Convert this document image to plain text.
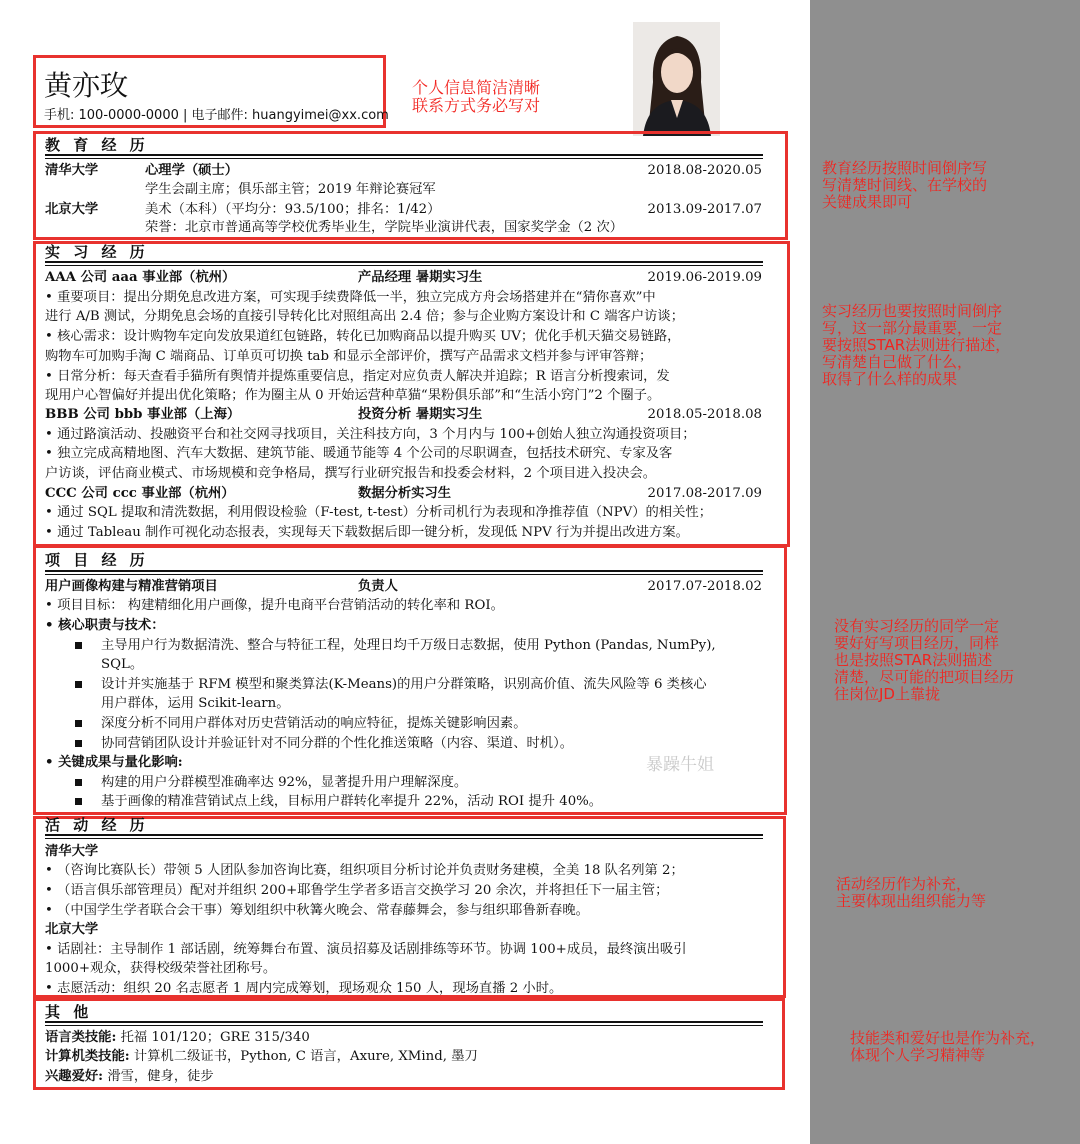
黄亦玫
手机: 100-0000-0000 | 电子邮件: huangyimei@xx.com
个人信息简洁清晰
联系方式务必写对
教 育 经 历
清华大学	心理学（硕士）	2018.08-2020.05
学生会副主席；俱乐部主管；2019 年辩论赛冠军
北京大学	美术（本科）（平均分：93.5/100；排名：1/42）	2013.09-2017.07
荣誉：北京市普通高等学校优秀毕业生，学院毕业演讲代表，国家奖学金（2 次）
实 习 经 历
AAA 公司 aaa 事业部（杭州）	产品经理 暑期实习生	2019.06-2019.09
• 重要项目：提出分期免息改进方案，可实现手续费降低一半，独立完成方舟会场搭建并在“猜你喜欢”中
进行 A/B 测试，分期免息会场的直接引导转化比对照组高出 2.4 倍；参与企业购方案设计和 C 端客户访谈；
• 核心需求：设计购物车定向发放果道红包链路，转化已加购商品以提升购买 UV；优化手机天猫交易链路，
购物车可加购手淘 C 端商品、订单页可切换 tab 和显示全部评价，撰写产品需求文档并参与评审答辩；
• 日常分析：每天查看手猫所有舆情并提炼重要信息，指定对应负责人解决并追踪；R 语言分析搜索词，发
现用户心智偏好并提出优化策略；作为圈主从 0 开始运营种草猫“果粉俱乐部”和“生活小窍门”2 个圈子。
BBB 公司 bbb 事业部（上海）	投资分析 暑期实习生	2018.05-2018.08
• 通过路演活动、投融资平台和社交网寻找项目，关注科技方向，3 个月内与 100+创始人独立沟通投资项目；
• 独立完成高精地图、汽车大数据、建筑节能、暖通节能等 4 个公司的尽职调查，包括技术研究、专家及客
户访谈，评估商业模式、市场规模和竞争格局，撰写行业研究报告和投委会材料，2 个项目进入投决会。
CCC 公司 ccc 事业部（杭州）	数据分析实习生	2017.08-2017.09
• 通过 SQL 提取和清洗数据，利用假设检验（F-test, t-test）分析司机行为表现和净推荐值（NPV）的相关性；
• 通过 Tableau 制作可视化动态报表，实现每天下载数据后即一键分析，发现低 NPV 行为并提出改进方案。
项 目 经 历
用户画像构建与精准营销项目	负责人	2017.07-2018.02
• 项目目标： 构建精细化用户画像，提升电商平台营销活动的转化率和 ROI。
• 核心职责与技术：
主导用户行为数据清洗、整合与特征工程，处理日均千万级日志数据，使用 Python (Pandas, NumPy),
SQL。
设计并实施基于 RFM 模型和聚类算法(K-Means)的用户分群策略，识别高价值、流失风险等 6 类核心
用户群体，运用 Scikit-learn。
深度分析不同用户群体对历史营销活动的响应特征，提炼关键影响因素。
协同营销团队设计并验证针对不同分群的个性化推送策略（内容、渠道、时机）。
• 关键成果与量化影响:
构建的用户分群模型准确率达 92%，显著提升用户理解深度。
基于画像的精准营销试点上线，目标用户群转化率提升 22%，活动 ROI 提升 40%。
暴躁牛姐
活 动 经 历
清华大学
• （咨询比赛队长）带领 5 人团队参加咨询比赛，组织项目分析讨论并负责财务建模，全美 18 队名列第 2；
• （语言俱乐部管理员）配对并组织 200+耶鲁学生学者多语言交换学习 20 余次，并将担任下一届主管；
• （中国学生学者联合会干事）筹划组织中秋篝火晚会、常春藤舞会，参与组织耶鲁新春晚。
北京大学
• 话剧社：主导制作 1 部话剧，统筹舞台布置、演员招募及话剧排练等环节。协调 100+成员，最终演出吸引
1000+观众，获得校级荣誉社团称号。
• 志愿活动：组织 20 名志愿者 1 周内完成筹划，现场观众 150 人，现场直播 2 小时。
其 他
语言类技能: 托福 101/120；GRE 315/340
计算机类技能: 计算机二级证书，Python, C 语言，Axure, XMind, 墨刀
兴趣爱好: 滑雪，健身，徒步
教育经历按照时间倒序写
写清楚时间线、在学校的
关键成果即可
实习经历也要按照时间倒序
写，这一部分最重要，一定
要按照STAR法则进行描述，
写清楚自己做了什么，
取得了什么样的成果
没有实习经历的同学一定
要好好写项目经历，同样
也是按照STAR法则描述
清楚，尽可能的把项目经历
往岗位JD上靠拢
活动经历作为补充，
主要体现出组织能力等
技能类和爱好也是作为补充，
体现个人学习精神等
